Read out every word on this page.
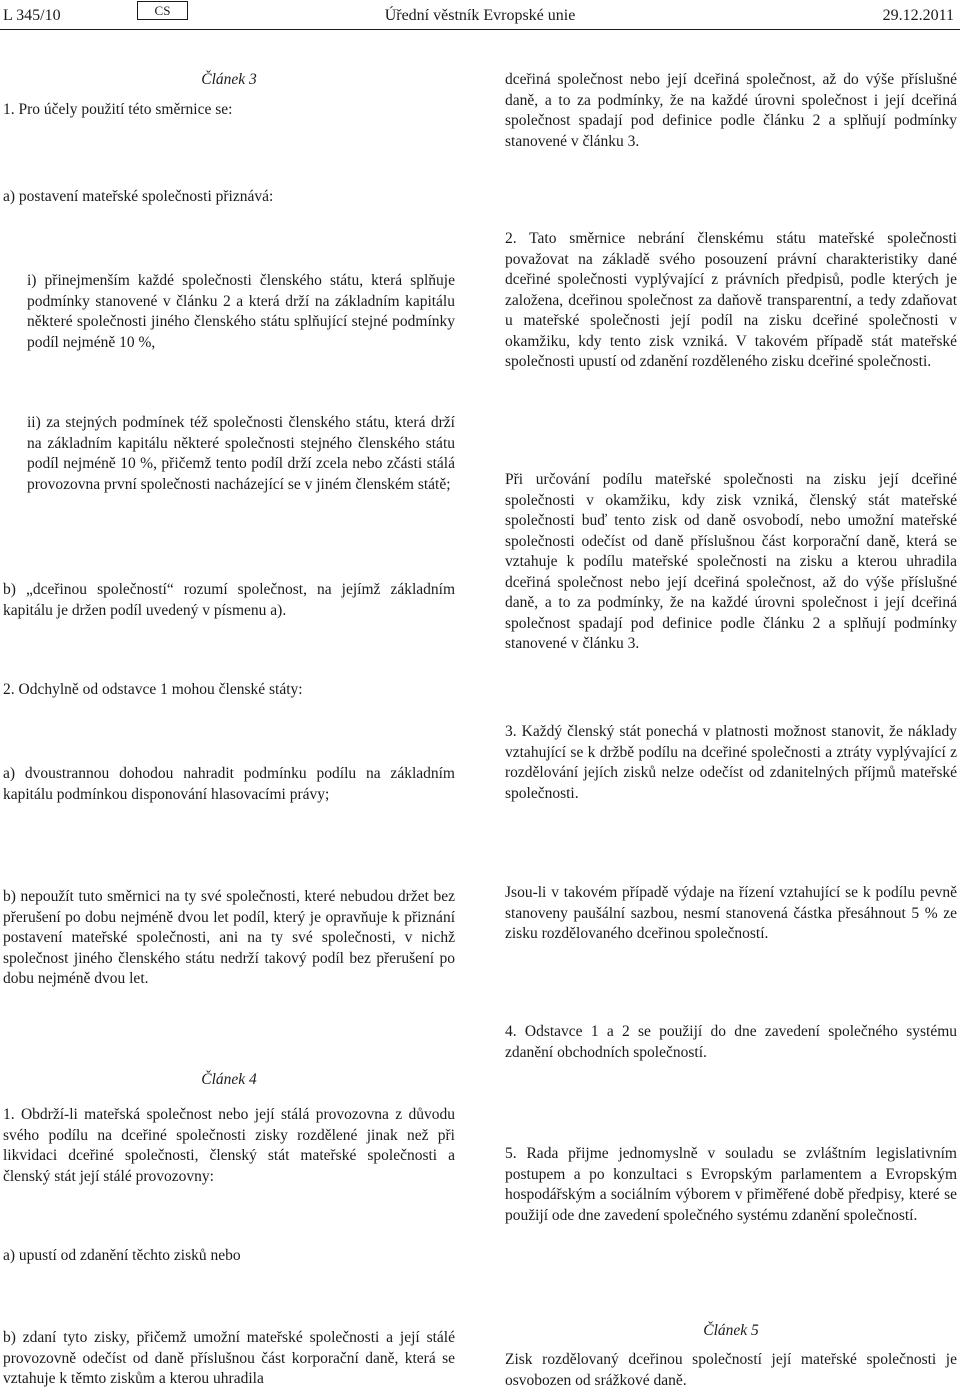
L 345/10	CS	Úřední věstník Evropské unie	29.12.2011
Článek 3
1. Pro účely použití této směrnice se:
a) postavení mateřské společnosti přiznává:
i) přinejmenším každé společnosti členského státu, která splňuje podmínky stanovené v článku 2 a která drží na základním kapitálu některé společnosti jiného členského státu splňující stejné podmínky podíl nejméně 10 %,
ii) za stejných podmínek též společnosti členského státu, která drží na základním kapitálu některé společnosti stejného členského státu podíl nejméně 10 %, přičemž tento podíl drží zcela nebo zčásti stálá provozovna první společnosti nacházející se v jiném členském státě;
b) „dceřinou společností“ rozumí společnost, na jejímž základním kapitálu je držen podíl uvedený v písmenu a).
2. Odchylně od odstavce 1 mohou členské státy:
a) dvoustrannou dohodou nahradit podmínku podílu na základním kapitálu podmínkou disponování hlasovacími právy;
b) nepoužít tuto směrnici na ty své společnosti, které nebudou držet bez přerušení po dobu nejméně dvou let podíl, který je opravňuje k přiznání postavení mateřské společnosti, ani na ty své společnosti, v nichž společnost jiného členského státu nedrží takový podíl bez přerušení po dobu nejméně dvou let.
Článek 4
1. Obdrží-li mateřská společnost nebo její stálá provozovna z důvodu svého podílu na dceřiné společnosti zisky rozdělené jinak než při likvidaci dceřiné společnosti, členský stát mateřské společnosti a členský stát její stálé provozovny:
a) upustí od zdanění těchto zisků nebo
b) zdaní tyto zisky, přičemž umožní mateřské společnosti a její stálé provozovně odečíst od daně příslušnou část korporační daně, která se vztahuje k těmto ziskům a kterou uhradila
dceřiná společnost nebo její dceřiná společnost, až do výše příslušné daně, a to za podmínky, že na každé úrovni společnost i její dceřiná společnost spadají pod definice podle článku 2 a splňují podmínky stanovené v článku 3.
2. Tato směrnice nebrání členskému státu mateřské společnosti považovat na základě svého posouzení právní charakteristiky dané dceřiné společnosti vyplývající z právních předpisů, podle kterých je založena, dceřinou společnost za daňově transparentní, a tedy zdaňovat u mateřské společnosti její podíl na zisku dceřiné společnosti v okamžiku, kdy tento zisk vzniká. V takovém případě stát mateřské společnosti upustí od zdanění rozděleného zisku dceřiné společnosti.
Při určování podílu mateřské společnosti na zisku její dceřiné společnosti v okamžiku, kdy zisk vzniká, členský stát mateřské společnosti buď tento zisk od daně osvobodí, nebo umožní mateřské společnosti odečíst od daně příslušnou část korporační daně, která se vztahuje k podílu mateřské společnosti na zisku a kterou uhradila dceřiná společnost nebo její dceřiná společnost, až do výše příslušné daně, a to za podmínky, že na každé úrovni společnost i její dceřiná společnost spadají pod definice podle článku 2 a splňují podmínky stanovené v článku 3.
3. Každý členský stát ponechá v platnosti možnost stanovit, že náklady vztahující se k držbě podílu na dceřiné společnosti a ztráty vyplývající z rozdělování jejích zisků nelze odečíst od zdanitelných příjmů mateřské společnosti.
Jsou-li v takovém případě výdaje na řízení vztahující se k podílu pevně stanoveny paušální sazbou, nesmí stanovená částka přesáhnout 5 % ze zisku rozdělovaného dceřinou společností.
4. Odstavce 1 a 2 se použijí do dne zavedení společného systému zdanění obchodních společností.
5. Rada přijme jednomyslně v souladu se zvláštním legislativním postupem a po konzultaci s Evropským parlamentem a Evropským hospodářským a sociálním výborem v přiměřené době předpisy, které se použijí ode dne zavedení společného systému zdanění společností.
Článek 5
Zisk rozdělovaný dceřinou společností její mateřské společnosti je osvobozen od srážkové daně.
